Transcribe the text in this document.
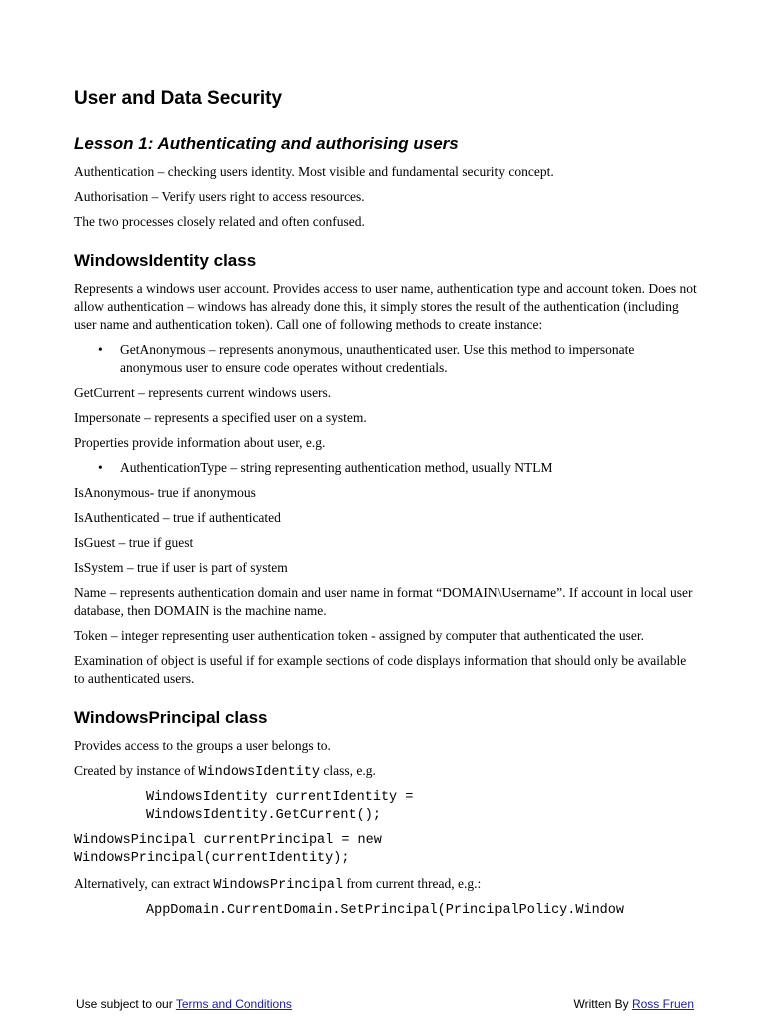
User and Data Security
Lesson 1: Authenticating and authorising users

Authentication – checking users identity. Most visible and fundamental security concept.

Authorisation – Verify users right to access resources.

The two processes closely related and often confused.

WindowsIdentity class

Represents a windows user account. Provides access to user name, authentication type and account token. Does not allow authentication – windows has already done this, it simply stores the result of the authentication (including user name and authentication token). Call one of following methods to create instance:

• GetAnonymous – represents anonymous, unauthenticated user. Use this method to impersonate anonymous user to ensure code operates without credentials.

GetCurrent – represents current windows users.

Impersonate – represents a specified user on a system.

Properties provide information about user, e.g.

• AuthenticationType – string representing authentication method, usually NTLM

IsAnonymous- true if anonymous

IsAuthenticated – true if authenticated

IsGuest – true if guest

IsSystem – true if user is part of system

Name – represents authentication domain and user name in format “DOMAIN\Username”. If account in local user database, then DOMAIN is the machine name.

Token – integer representing user authentication token - assigned by computer that authenticated the user.

Examination of object is useful if for example sections of code displays information that should only be available to authenticated users.

WindowsPrincipal class

Provides access to the groups a user belongs to.

Created by instance of WindowsIdentity class, e.g.

WindowsIdentity currentIdentity =
WindowsIdentity.GetCurrent();
WindowsPincipal currentPrincipal = new
WindowsPrincipal(currentIdentity);

Alternatively, can extract WindowsPrincipal from current thread, e.g.:

AppDomain.CurrentDomain.SetPrincipal(PrincipalPolicy.Window
Use subject to our Terms and Conditions	Written By Ross Fruen
